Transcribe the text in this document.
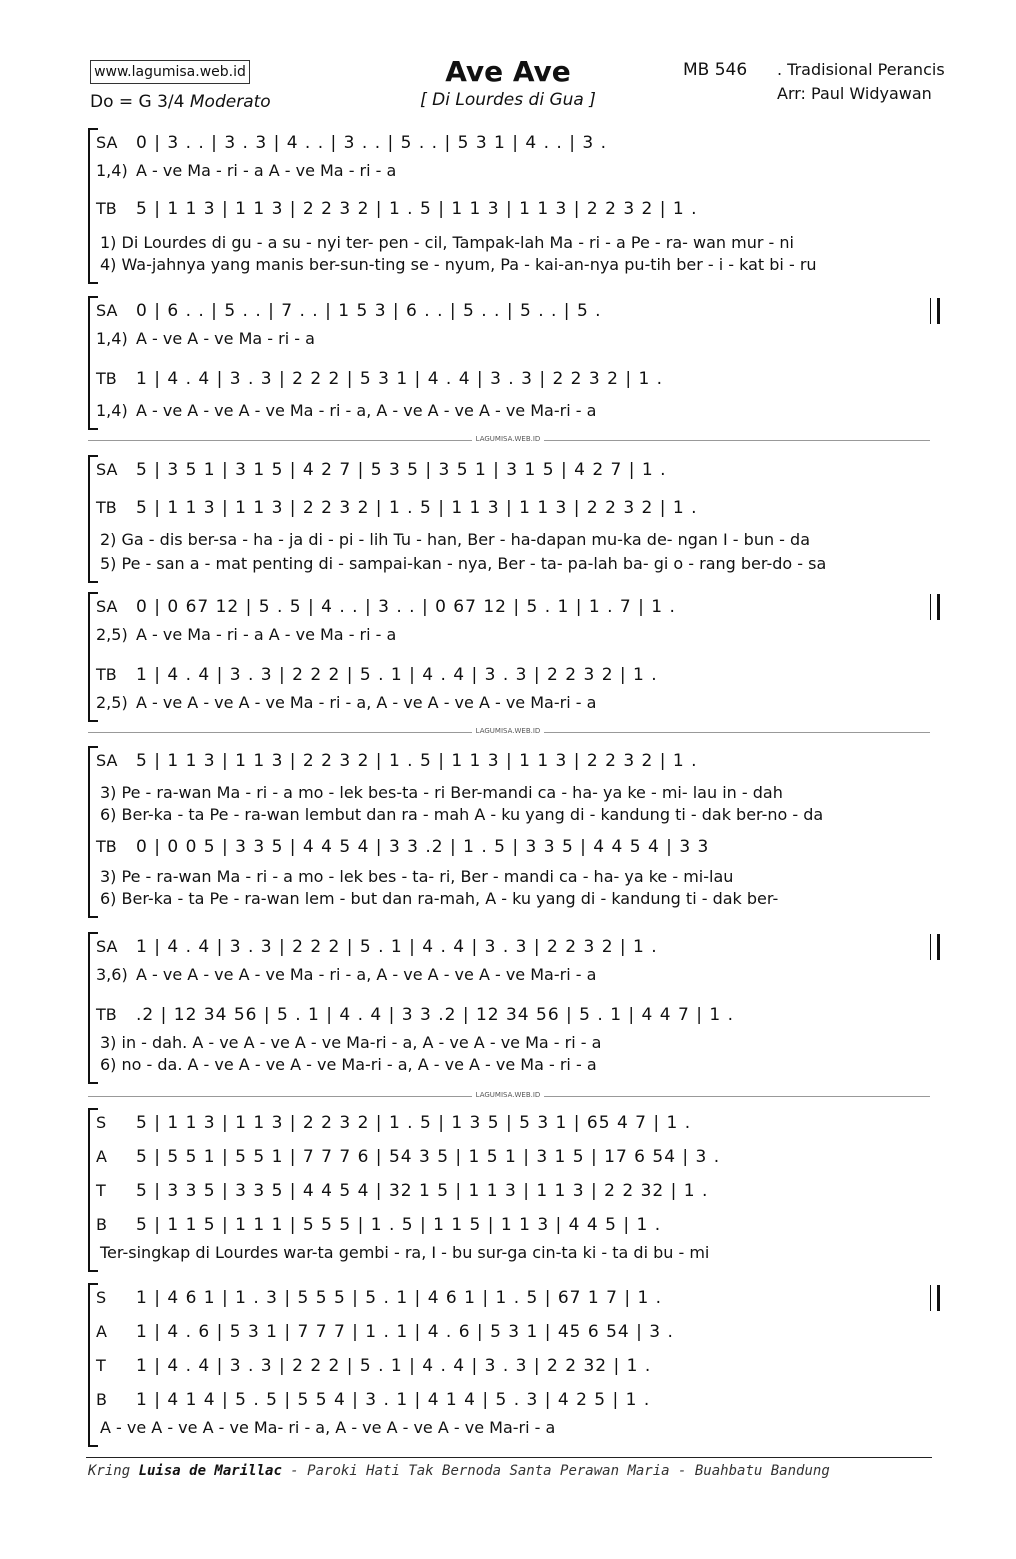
www.lagumisa.web.id
Do = G 3/4 Moderato
Ave Ave
[ Di Lourdes di Gua ]
MB 546 . Tradisional Perancis
Arr: Paul Widyawan
SA 0 | 3 . . | 3 . 3 | 4 . . | 3 . . | 5 . . | 5 3 1 | 4 . . | 3 .
1,4) A - ve Ma - ri - a A - ve Ma - ri - a
TB 5 | 1 1 3 | 1 1 3 | 2 2 3 2 | 1 . 5 | 1 1 3 | 1 1 3 | 2 2 3 2 | 1 .
1) Di Lourdes di gu - a su - nyi ter- pen - cil, Tampak-lah Ma - ri - a Pe - ra- wan mur - ni
4) Wa-jahnya yang manis ber-sun-ting se - nyum, Pa - kai-an-nya pu-tih ber - i - kat bi - ru
LAGUMISA.WEB.ID
SA 0 | 6 . . | 5 . . | 7 . . | 1 5 3 | 6 . . | 5 . . | 5 . . | 5 .
1,4) A - ve A - ve Ma - ri - a
TB 1 | 4 . 4 | 3 . 3 | 2 2 2 | 5 3 1 | 4 . 4 | 3 . 3 | 2 2 3 2 | 1 .
1,4) A - ve A - ve A - ve Ma - ri - a, A - ve A - ve A - ve Ma-ri - a
SA 5 | 3 5 1 | 3 1 5 | 4 2 7 | 5 3 5 | 3 5 1 | 3 1 5 | 4 2 7 | 1 .
TB 5 | 1 1 3 | 1 1 3 | 2 2 3 2 | 1 . 5 | 1 1 3 | 1 1 3 | 2 2 3 2 | 1 .
2) Ga - dis ber-sa - ha - ja di - pi - lih Tu - han, Ber - ha-dapan mu-ka de- ngan I - bun - da
5) Pe - san a - mat penting di - sampai-kan - nya, Ber - ta- pa-lah ba- gi o - rang ber-do - sa
SA 0 | 0 67 12 | 5 . 5 | 4 . . | 3 . . | 0 67 12 | 5 . 1 | 1 . 7 | 1 .
2,5) A - ve Ma - ri - a A - ve Ma - ri - a
TB 1 | 4 . 4 | 3 . 3 | 2 2 2 | 5 . 1 | 4 . 4 | 3 . 3 | 2 2 3 2 | 1 .
2,5) A - ve A - ve A - ve Ma - ri - a, A - ve A - ve A - ve Ma-ri - a
LAGUMISA.WEB.ID
SA 5 | 1 1 3 | 1 1 3 | 2 2 3 2 | 1 . 5 | 1 1 3 | 1 1 3 | 2 2 3 2 | 1 .
3) Pe - ra-wan Ma - ri - a mo - lek bes-ta - ri Ber-mandi ca - ha- ya ke - mi- lau in - dah
6) Ber-ka - ta Pe - ra-wan lembut dan ra - mah A - ku yang di - kandung ti - dak ber-no - da
TB 0 | 0 0 5 | 3 3 5 | 4 4 5 4 | 3 3 .2 | 1 . 5 | 3 3 5 | 4 4 5 4 | 3 3
3) Pe - ra-wan Ma - ri - a mo - lek bes - ta- ri, Ber - mandi ca - ha- ya ke - mi-lau
6) Ber-ka - ta Pe - ra-wan lem - but dan ra-mah, A - ku yang di - kandung ti - dak ber-
SA 1 | 4 . 4 | 3 . 3 | 2 2 2 | 5 . 1 | 4 . 4 | 3 . 3 | 2 2 3 2 | 1 .
3,6) A - ve A - ve A - ve Ma - ri - a, A - ve A - ve A - ve Ma-ri - a
TB .2 | 12 34 56 | 5 . 1 | 4 . 4 | 3 3 .2 | 12 34 56 | 5 . 1 | 4 4 7 | 1 .
3) in - dah. A - ve A - ve A - ve Ma-ri - a, A - ve A - ve Ma - ri - a
6) no - da. A - ve A - ve A - ve Ma-ri - a, A - ve A - ve Ma - ri - a
LAGUMISA.WEB.ID
S 5 | 1 1 3 | 1 1 3 | 2 2 3 2 | 1 . 5 | 1 3 5 | 5 3 1 | 65 4 7 | 1 .
A 5 | 5 5 1 | 5 5 1 | 7 7 7 6 | 54 3 5 | 1 5 1 | 3 1 5 | 17 6 54 | 3 .
T 5 | 3 3 5 | 3 3 5 | 4 4 5 4 | 32 1 5 | 1 1 3 | 1 1 3 | 2 2 32 | 1 .
B 5 | 1 1 5 | 1 1 1 | 5 5 5 | 1 . 5 | 1 1 5 | 1 1 3 | 4 4 5 | 1 .
Ter-singkap di Lourdes war-ta gembi - ra, I - bu sur-ga cin-ta ki - ta di bu - mi
S 1 | 4 6 1 | 1 . 3 | 5 5 5 | 5 . 1 | 4 6 1 | 1 . 5 | 67 1 7 | 1 .
A 1 | 4 . 6 | 5 3 1 | 7 7 7 | 1 . 1 | 4 . 6 | 5 3 1 | 45 6 54 | 3 .
T 1 | 4 . 4 | 3 . 3 | 2 2 2 | 5 . 1 | 4 . 4 | 3 . 3 | 2 2 32 | 1 .
B 1 | 4 1 4 | 5 . 5 | 5 5 4 | 3 . 1 | 4 1 4 | 5 . 3 | 4 2 5 | 1 .
A - ve A - ve A - ve Ma- ri - a, A - ve A - ve A - ve Ma-ri - a
Kring Luisa de Marillac - Paroki Hati Tak Bernoda Santa Perawan Maria - Buahbatu Bandung
